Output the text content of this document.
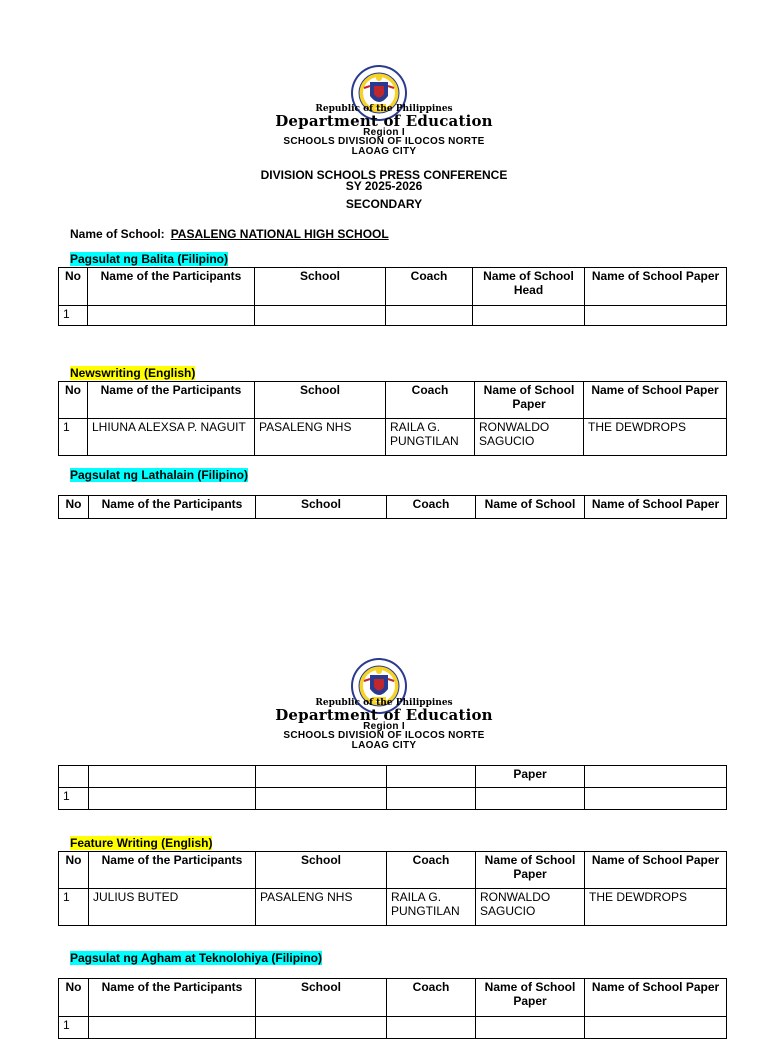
Republic of the Philippines
Department of Education
Region I
SCHOOLS DIVISION OF ILOCOS NORTE
LAOAG CITY
DIVISION SCHOOLS PRESS CONFERENCE
SY 2025-2026
SECONDARY
Name of School: PASALENG NATIONAL HIGH SCHOOL
Pagsulat ng Balita (Filipino)
No	Name of the Participants	School	Coach	Name of School Head	Name of School Paper
1					
Newswriting (English)
No	Name of the Participants	School	Coach	Name of School Paper	Name of School Paper
1	LHIUNA ALEXSA P. NAGUIT	PASALENG NHS	RAILA G. PUNGTILAN	RONWALDO SAGUCIO	THE DEWDROPS
Pagsulat ng Lathalain (Filipino)
No	Name of the Participants	School	Coach	Name of School	Name of School Paper
Republic of the Philippines
Department of Education
Region I
SCHOOLS DIVISION OF ILOCOS NORTE
LAOAG CITY
				Paper	
1					
Feature Writing (English)
No	Name of the Participants	School	Coach	Name of School Paper	Name of School Paper
1	JULIUS BUTED	PASALENG NHS	RAILA G. PUNGTILAN	RONWALDO SAGUCIO	THE DEWDROPS
Pagsulat ng Agham at Teknolohiya (Filipino)
No	Name of the Participants	School	Coach	Name of School Paper	Name of School Paper
1					
